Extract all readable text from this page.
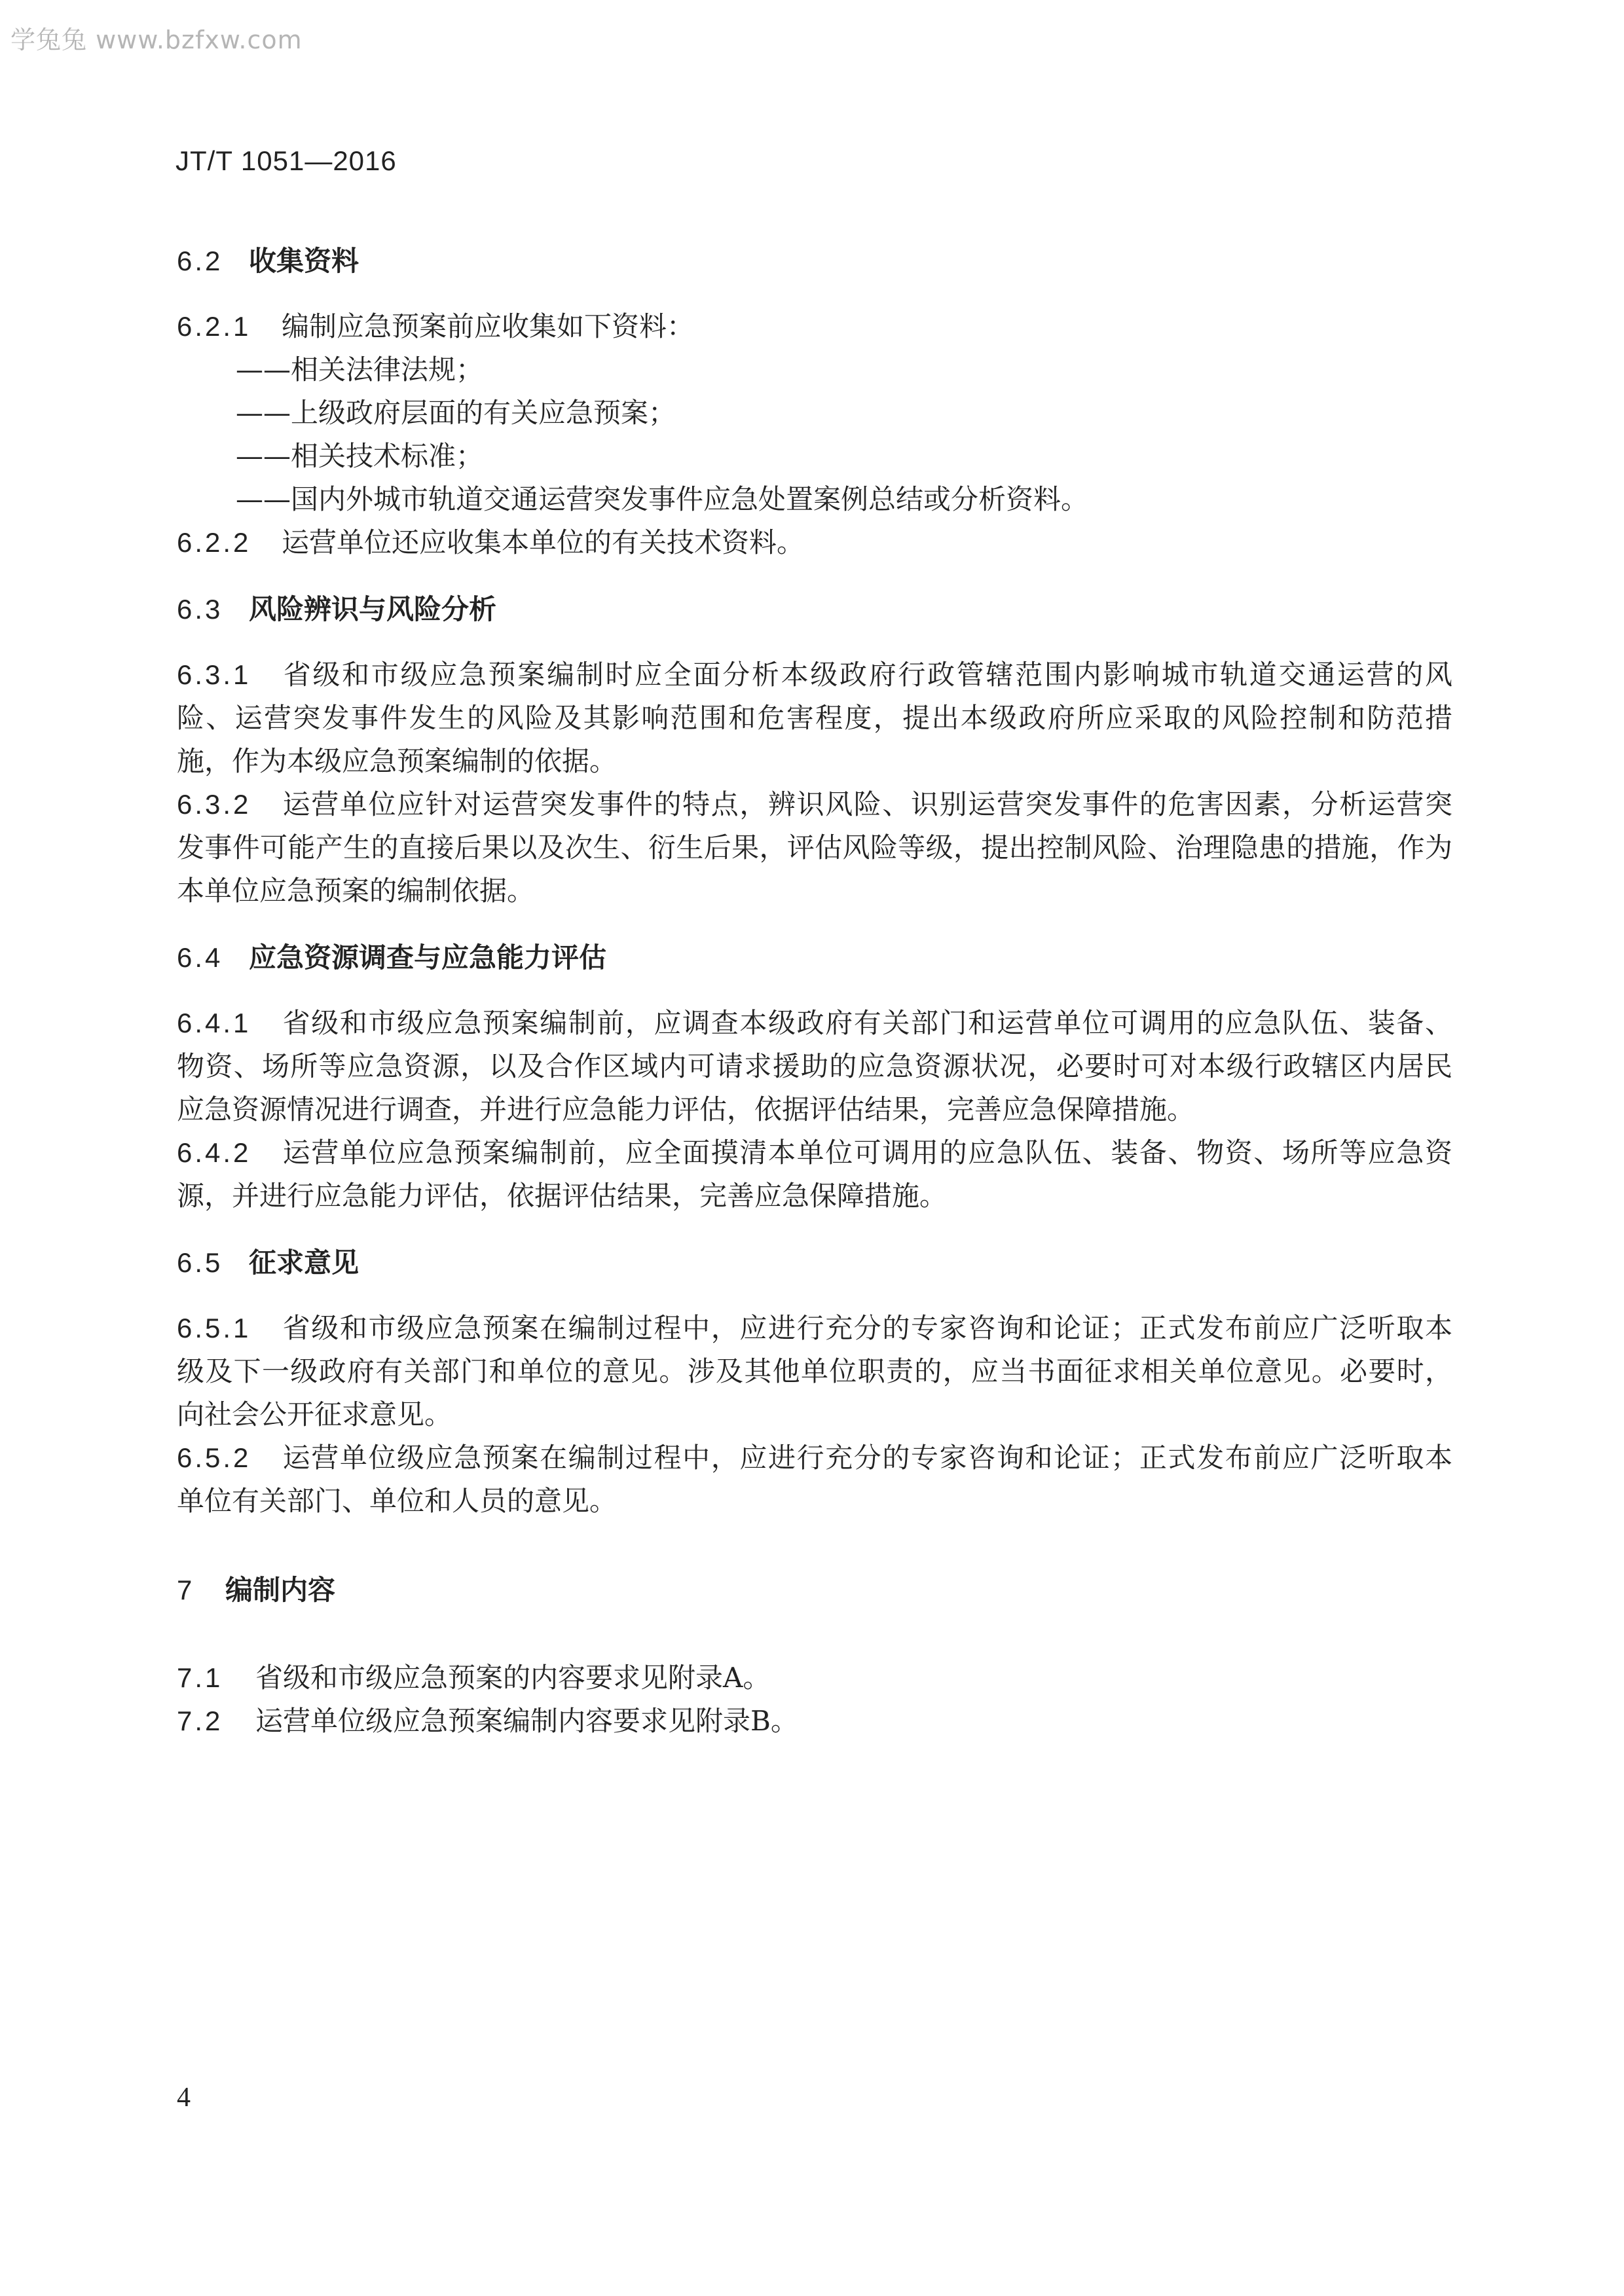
学兔兔 www.bzfxw.com
JT/T 1051—2016
6.2 收集资料
6.2.1 编制应急预案前应收集如下资料：
——相关法律法规；
——上级政府层面的有关应急预案；
——相关技术标准；
——国内外城市轨道交通运营突发事件应急处置案例总结或分析资料。
6.2.2 运营单位还应收集本单位的有关技术资料。
6.3 风险辨识与风险分析
6.3.1 省级和市级应急预案编制时应全面分析本级政府行政管辖范围内影响城市轨道交通运营的风
险、运营突发事件发生的风险及其影响范围和危害程度，提出本级政府所应采取的风险控制和防范措
施，作为本级应急预案编制的依据。
6.3.2 运营单位应针对运营突发事件的特点，辨识风险、识别运营突发事件的危害因素，分析运营突
发事件可能产生的直接后果以及次生、衍生后果，评估风险等级，提出控制风险、治理隐患的措施，作为
本单位应急预案的编制依据。
6.4 应急资源调查与应急能力评估
6.4.1 省级和市级应急预案编制前，应调查本级政府有关部门和运营单位可调用的应急队伍、装备、
物资、场所等应急资源，以及合作区域内可请求援助的应急资源状况，必要时可对本级行政辖区内居民
应急资源情况进行调查，并进行应急能力评估，依据评估结果，完善应急保障措施。
6.4.2 运营单位应急预案编制前，应全面摸清本单位可调用的应急队伍、装备、物资、场所等应急资
源，并进行应急能力评估，依据评估结果，完善应急保障措施。
6.5 征求意见
6.5.1 省级和市级应急预案在编制过程中，应进行充分的专家咨询和论证；正式发布前应广泛听取本
级及下一级政府有关部门和单位的意见。涉及其他单位职责的，应当书面征求相关单位意见。必要时，
向社会公开征求意见。
6.5.2 运营单位级应急预案在编制过程中，应进行充分的专家咨询和论证；正式发布前应广泛听取本
单位有关部门、单位和人员的意见。
7 编制内容
7.1 省级和市级应急预案的内容要求见附录A。
7.2 运营单位级应急预案编制内容要求见附录B。
4
